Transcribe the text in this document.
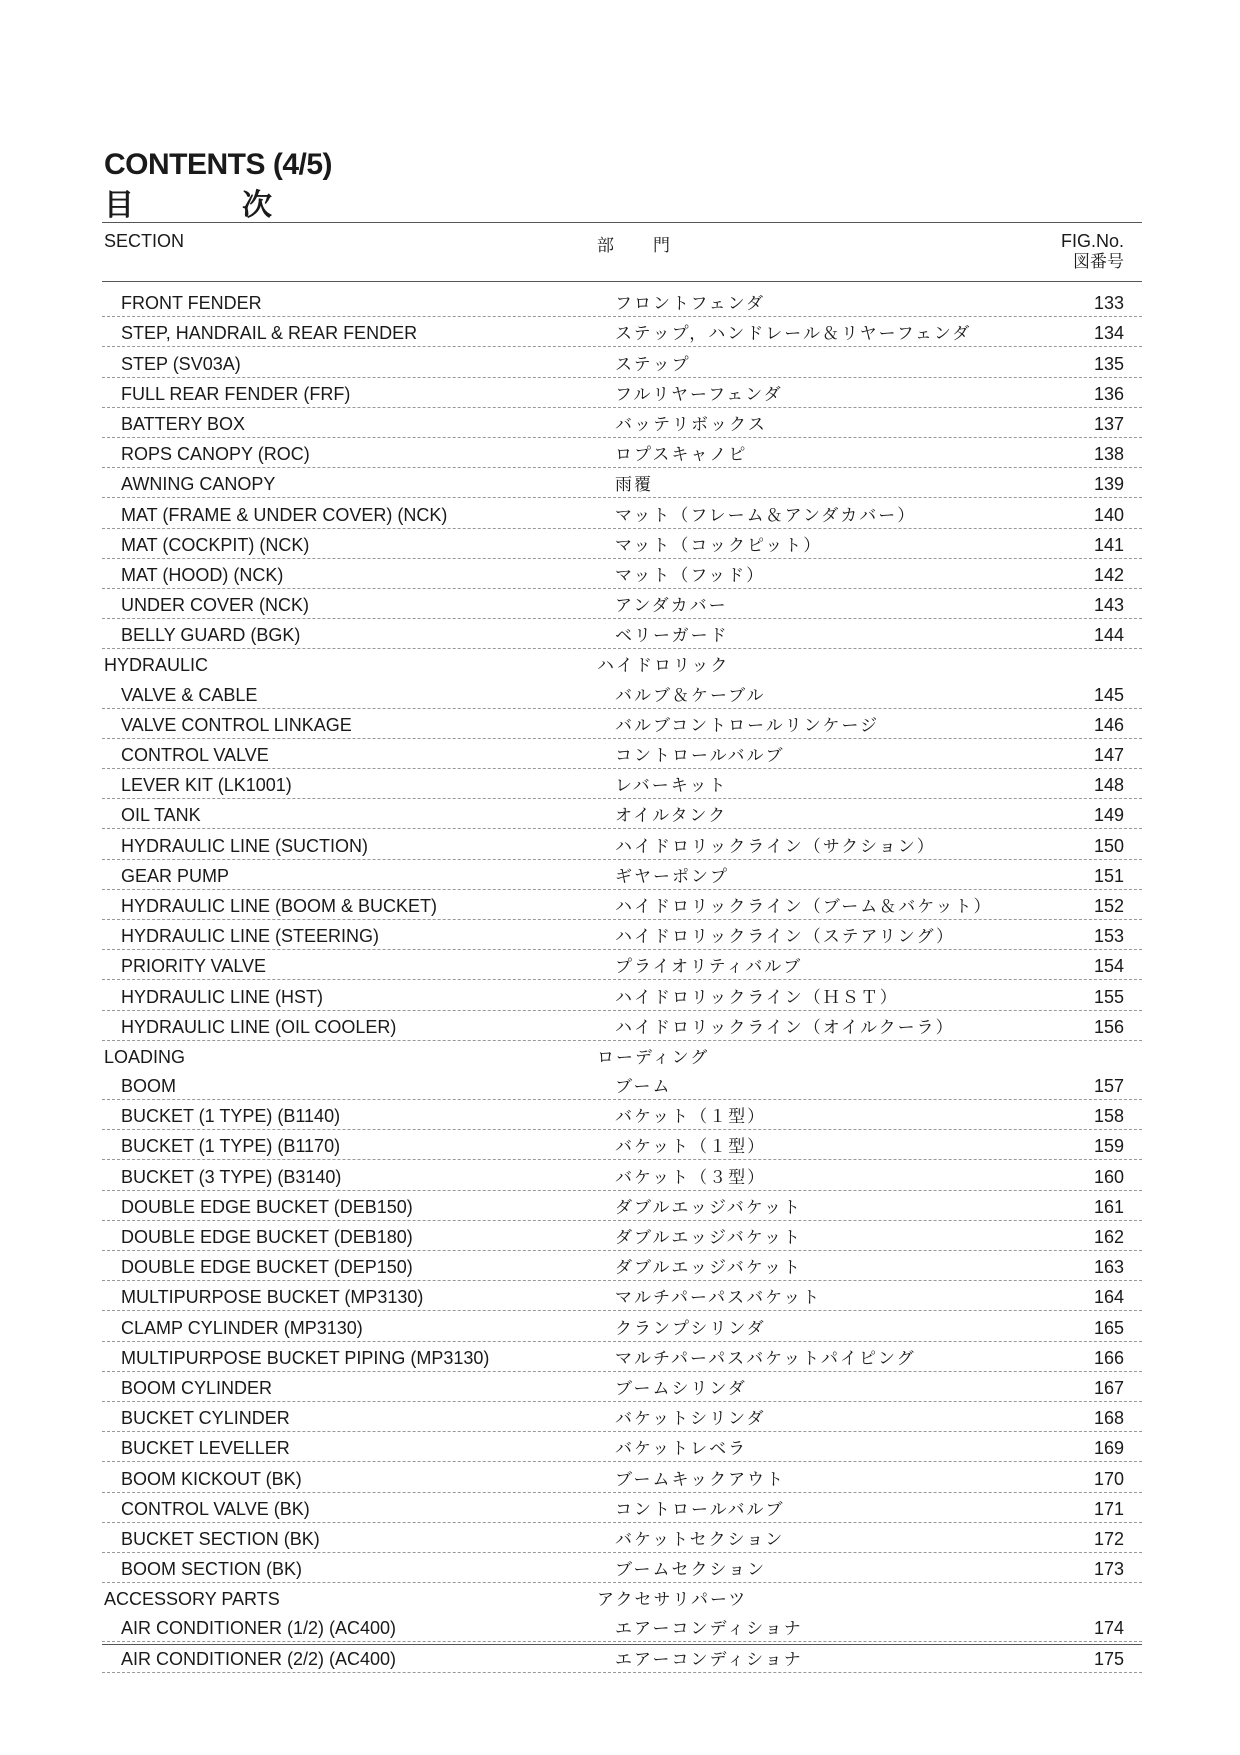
CONTENTS (4/5)
目	次
SECTION	部 門	FIG.No.
図番号
FRONT FENDER	フロントフェンダ	133
STEP, HANDRAIL & REAR FENDER	ステップ，ハンドレール＆リヤーフェンダ	134
STEP (SV03A)	ステップ	135
FULL REAR FENDER (FRF)	フルリヤーフェンダ	136
BATTERY BOX	バッテリボックス	137
ROPS CANOPY (ROC)	ロプスキャノピ	138
AWNING CANOPY	雨覆	139
MAT (FRAME & UNDER COVER) (NCK)	マット（フレーム＆アンダカバー）	140
MAT (COCKPIT) (NCK)	マット（コックピット）	141
MAT (HOOD) (NCK)	マット（フッド）	142
UNDER COVER (NCK)	アンダカバー	143
BELLY GUARD (BGK)	ベリーガード	144
HYDRAULIC	ハイドロリック
VALVE & CABLE	バルブ＆ケーブル	145
VALVE CONTROL LINKAGE	バルブコントロールリンケージ	146
CONTROL VALVE	コントロールバルブ	147
LEVER KIT (LK1001)	レバーキット	148
OIL TANK	オイルタンク	149
HYDRAULIC LINE (SUCTION)	ハイドロリックライン（サクション）	150
GEAR PUMP	ギヤーポンプ	151
HYDRAULIC LINE (BOOM & BUCKET)	ハイドロリックライン（ブーム＆バケット）	152
HYDRAULIC LINE (STEERING)	ハイドロリックライン（ステアリング）	153
PRIORITY VALVE	プライオリティバルブ	154
HYDRAULIC LINE (HST)	ハイドロリックライン（ＨＳＴ）	155
HYDRAULIC LINE (OIL COOLER)	ハイドロリックライン（オイルクーラ）	156
LOADING	ローディング
BOOM	ブーム	157
BUCKET (1 TYPE) (B1140)	バケット（１型）	158
BUCKET (1 TYPE) (B1170)	バケット（１型）	159
BUCKET (3 TYPE) (B3140)	バケット（３型）	160
DOUBLE EDGE BUCKET (DEB150)	ダブルエッジバケット	161
DOUBLE EDGE BUCKET (DEB180)	ダブルエッジバケット	162
DOUBLE EDGE BUCKET (DEP150)	ダブルエッジバケット	163
MULTIPURPOSE BUCKET (MP3130)	マルチパーパスバケット	164
CLAMP CYLINDER (MP3130)	クランプシリンダ	165
MULTIPURPOSE BUCKET PIPING (MP3130)	マルチパーパスバケットパイピング	166
BOOM CYLINDER	ブームシリンダ	167
BUCKET CYLINDER	バケットシリンダ	168
BUCKET LEVELLER	バケットレベラ	169
BOOM KICKOUT (BK)	ブームキックアウト	170
CONTROL VALVE (BK)	コントロールバルブ	171
BUCKET SECTION (BK)	バケットセクション	172
BOOM SECTION (BK)	ブームセクション	173
ACCESSORY PARTS	アクセサリパーツ
AIR CONDITIONER (1/2) (AC400)	エアーコンディショナ	174
AIR CONDITIONER (2/2) (AC400)	エアーコンディショナ	175
